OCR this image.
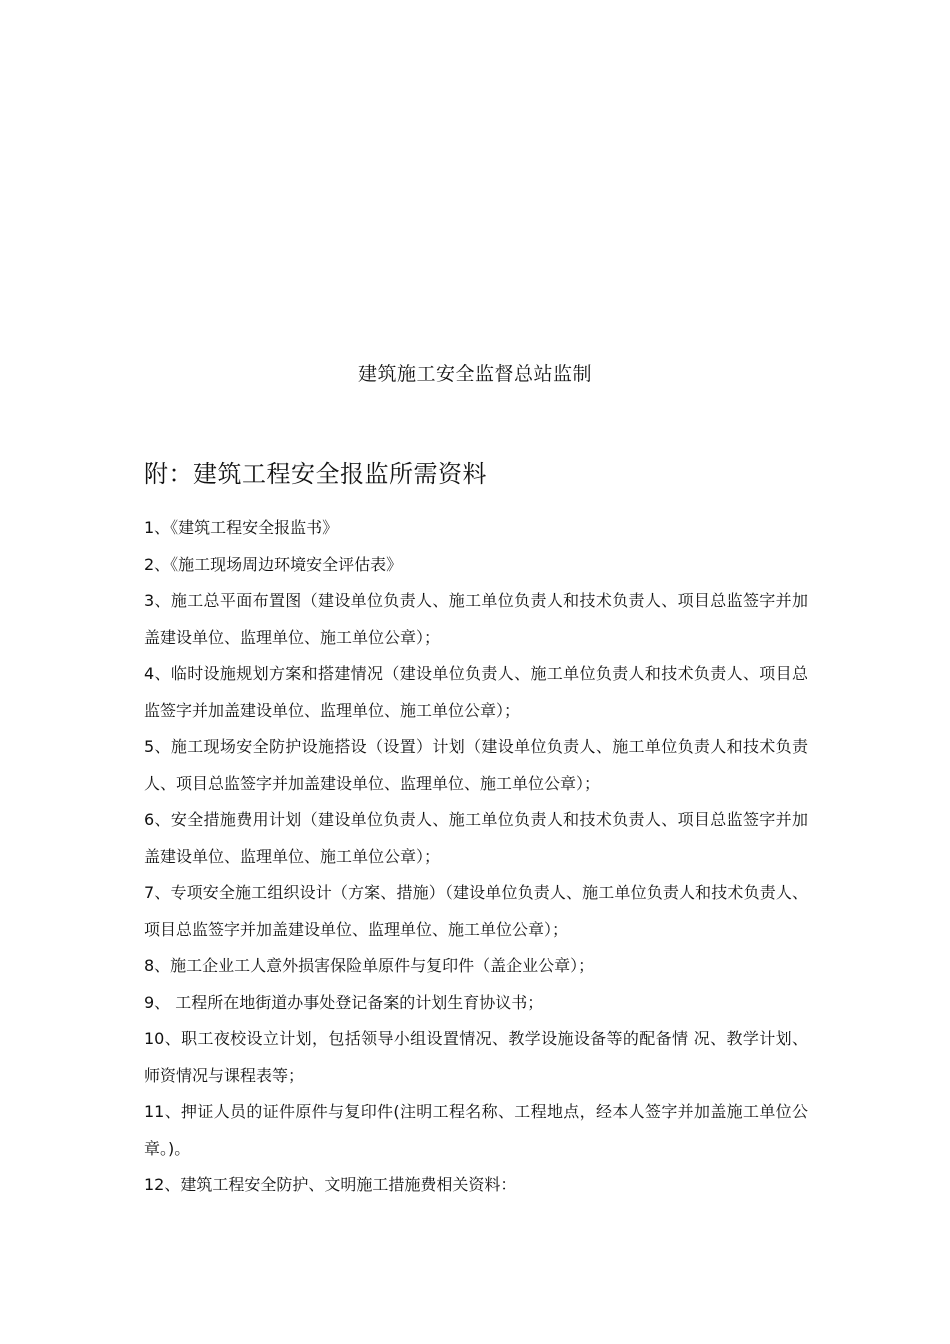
建筑施工安全监督总站监制
附：建筑工程安全报监所需资料
1、《建筑工程安全报监书》
2、《施工现场周边环境安全评估表》
3、施工总平面布置图（建设单位负责人、施工单位负责人和技术负责人、项目总监签字并加盖建设单位、监理单位、施工单位公章）；
4、临时设施规划方案和搭建情况（建设单位负责人、施工单位负责人和技术负责人、项目总监签字并加盖建设单位、监理单位、施工单位公章）；
5、施工现场安全防护设施搭设（设置）计划（建设单位负责人、施工单位负责人和技术负责人、项目总监签字并加盖建设单位、监理单位、施工单位公章）；
6、安全措施费用计划（建设单位负责人、施工单位负责人和技术负责人、项目总监签字并加盖建设单位、监理单位、施工单位公章）；
7、专项安全施工组织设计（方案、措施）（建设单位负责人、施工单位负责人和技术负责人、项目总监签字并加盖建设单位、监理单位、施工单位公章）；
8、施工企业工人意外损害保险单原件与复印件（盖企业公章）；
9、 工程所在地街道办事处登记备案的计划生育协议书；
10、职工夜校设立计划，包括领导小组设置情况、教学设施设备等的配备情 况、教学计划、师资情况与课程表等；
11、押证人员的证件原件与复印件(注明工程名称、工程地点，经本人签字并加盖施工单位公章。)。
12、建筑工程安全防护、文明施工措施费相关资料：
